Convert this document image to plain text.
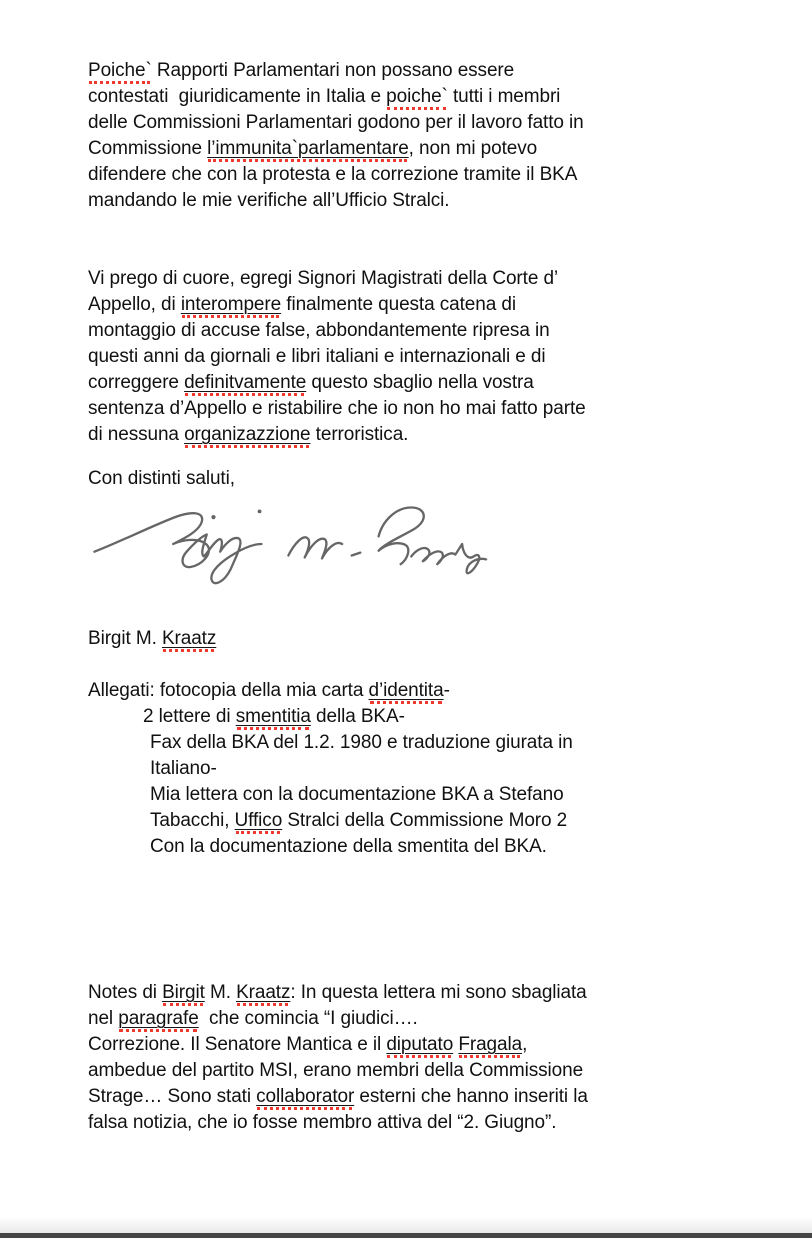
Poiche` Rapporti Parlamentari non possano essere
contestati  giuridicamente in Italia e poiche` tutti i membri
delle Commissioni Parlamentari godono per il lavoro fatto in
Commissione l’immunita`parlamentare, non mi potevo
difendere che con la protesta e la correzione tramite il BKA
mandando le mie verifiche all’Ufficio Stralci.
Vi prego di cuore, egregi Signori Magistrati della Corte d’
Appello, di interompere finalmente questa catena di
montaggio di accuse false, abbondantemente ripresa in
questi anni da giornali e libri italiani e internazionali e di
correggere definitvamente questo sbaglio nella vostra
sentenza d’Appello e ristabilire che io non ho mai fatto parte
di nessuna organizazzione terroristica.
Con distinti saluti,
Birgit M. Kraatz
Allegati: fotocopia della mia carta d’identita-
2 lettere di smentitia della BKA-
Fax della BKA del 1.2. 1980 e traduzione giurata in
Italiano-
Mia lettera con la documentazione BKA a Stefano
Tabacchi, Uffico Stralci della Commissione Moro 2
Con la documentazione della smentita del BKA.
Notes di Birgit M. Kraatz: In questa lettera mi sono sbagliata
nel paragrafe  che comincia “I giudici….
Correzione. Il Senatore Mantica e il diputato Fragala,
ambedue del partito MSI, erano membri della Commissione
Strage… Sono stati collaborator esterni che hanno inseriti la
falsa notizia, che io fosse membro attiva del “2. Giugno”.
